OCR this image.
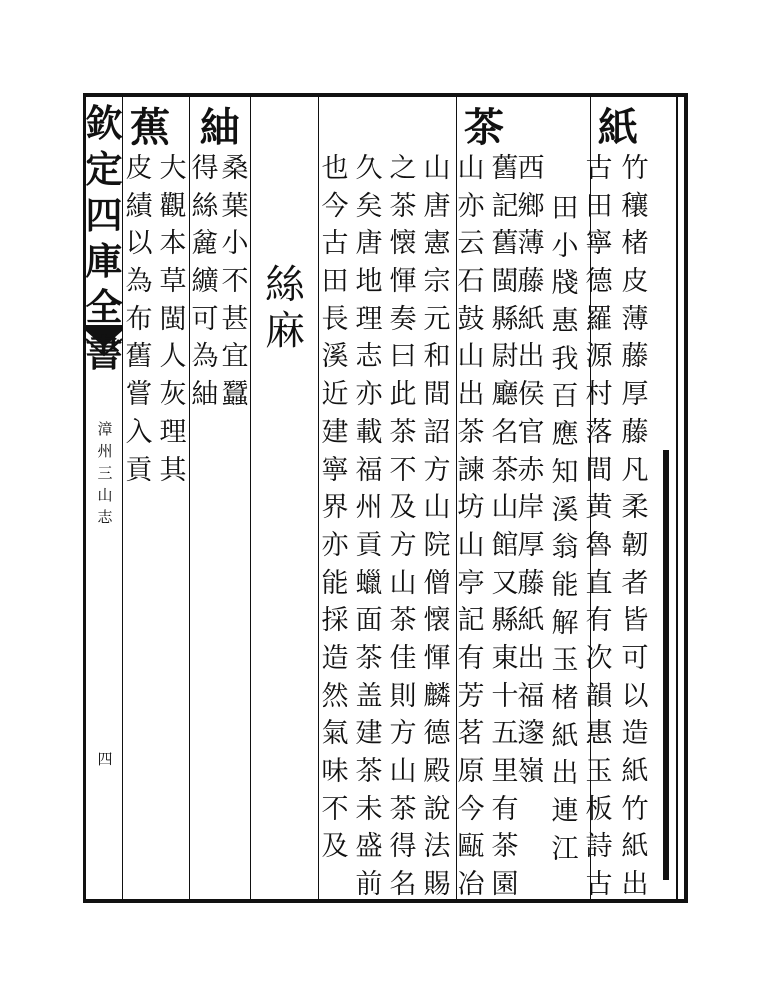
欽
定
四
庫
全
書
漳
州
三
山
志
四
紙
竹
穰
楮
皮
薄
藤
厚
藤
凡
柔
韌
者
皆
可
以
造
紙
竹
紙
出
古
田
寧
德
羅
源
村
落
間
黄
魯
直
有
次
韻
惠
玉
板
詩
古
田
小
牋
惠
我
百
應
知
溪
翁
能
解
玉
楮
紙
出
連
江
西
鄉
薄
藤
紙
出
侯
官
赤
岸
厚
藤
紙
出
福
𨗉
嶺
茶
舊
記
舊
閩
縣
尉
廳
名
茶
山
館
又
縣
東
十
五
里
有
茶
園
山
亦
云
石
鼓
山
出
茶
諫
坊
山
亭
記
有
芳
茗
原
今
甌
冶
山
唐
憲
宗
元
和
間
詔
方
山
院
僧
懐
惲
麟
德
殿
說
法
賜
之
茶
懐
惲
奏
曰
此
茶
不
及
方
山
茶
佳
則
方
山
茶
得
名
久
矣
唐
地
理
志
亦
載
福
州
貢
蠟
面
茶
盖
建
茶
未
盛
前
也
今
古
田
長
溪
近
建
寧
界
亦
能
採
造
然
氣
味
不
及
絲
麻
紬
桑
葉
小
不
甚
宜
蠶
得
絲
麄
纊
可
為
紬
蕉
大
觀
本
草
閩
人
灰
理
其
皮
績
以
為
布
舊
嘗
入
貢
